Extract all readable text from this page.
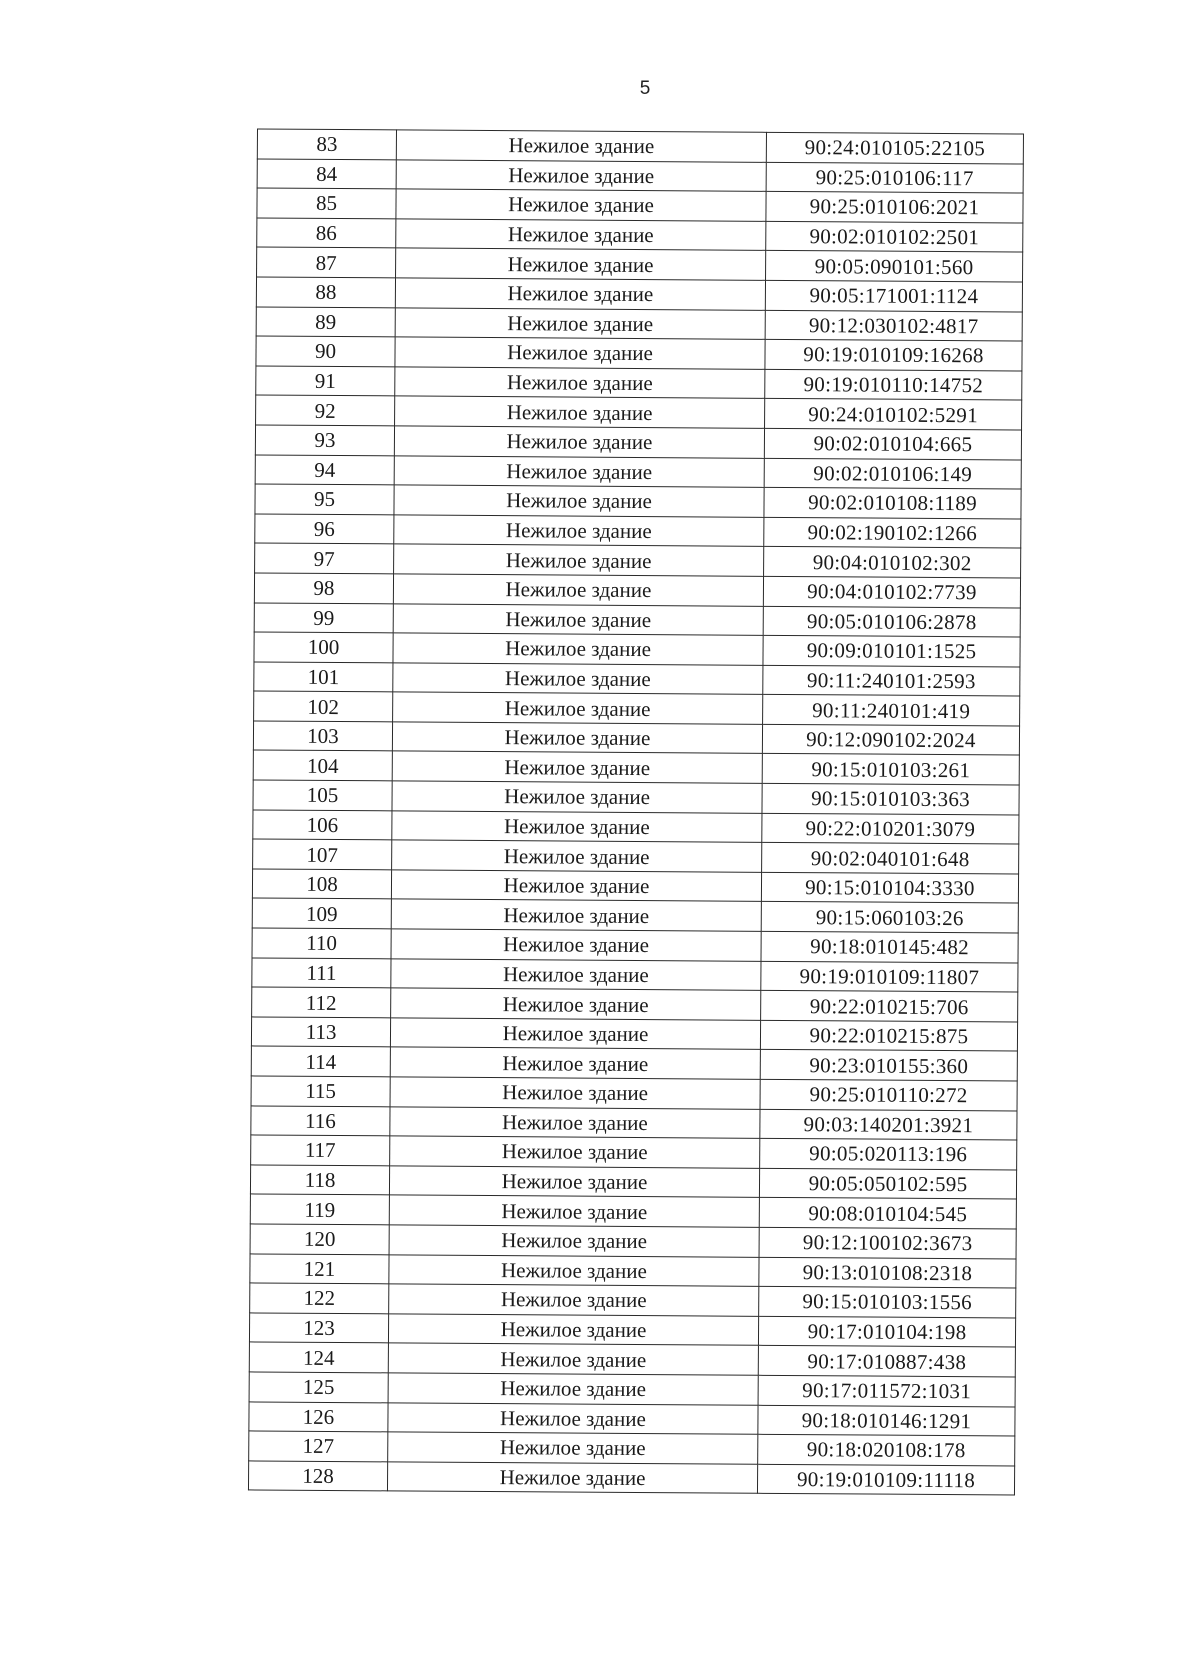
5
83	Нежилое здание	90:24:010105:22105
84	Нежилое здание	90:25:010106:117
85	Нежилое здание	90:25:010106:2021
86	Нежилое здание	90:02:010102:2501
87	Нежилое здание	90:05:090101:560
88	Нежилое здание	90:05:171001:1124
89	Нежилое здание	90:12:030102:4817
90	Нежилое здание	90:19:010109:16268
91	Нежилое здание	90:19:010110:14752
92	Нежилое здание	90:24:010102:5291
93	Нежилое здание	90:02:010104:665
94	Нежилое здание	90:02:010106:149
95	Нежилое здание	90:02:010108:1189
96	Нежилое здание	90:02:190102:1266
97	Нежилое здание	90:04:010102:302
98	Нежилое здание	90:04:010102:7739
99	Нежилое здание	90:05:010106:2878
100	Нежилое здание	90:09:010101:1525
101	Нежилое здание	90:11:240101:2593
102	Нежилое здание	90:11:240101:419
103	Нежилое здание	90:12:090102:2024
104	Нежилое здание	90:15:010103:261
105	Нежилое здание	90:15:010103:363
106	Нежилое здание	90:22:010201:3079
107	Нежилое здание	90:02:040101:648
108	Нежилое здание	90:15:010104:3330
109	Нежилое здание	90:15:060103:26
110	Нежилое здание	90:18:010145:482
111	Нежилое здание	90:19:010109:11807
112	Нежилое здание	90:22:010215:706
113	Нежилое здание	90:22:010215:875
114	Нежилое здание	90:23:010155:360
115	Нежилое здание	90:25:010110:272
116	Нежилое здание	90:03:140201:3921
117	Нежилое здание	90:05:020113:196
118	Нежилое здание	90:05:050102:595
119	Нежилое здание	90:08:010104:545
120	Нежилое здание	90:12:100102:3673
121	Нежилое здание	90:13:010108:2318
122	Нежилое здание	90:15:010103:1556
123	Нежилое здание	90:17:010104:198
124	Нежилое здание	90:17:010887:438
125	Нежилое здание	90:17:011572:1031
126	Нежилое здание	90:18:010146:1291
127	Нежилое здание	90:18:020108:178
128	Нежилое здание	90:19:010109:11118
